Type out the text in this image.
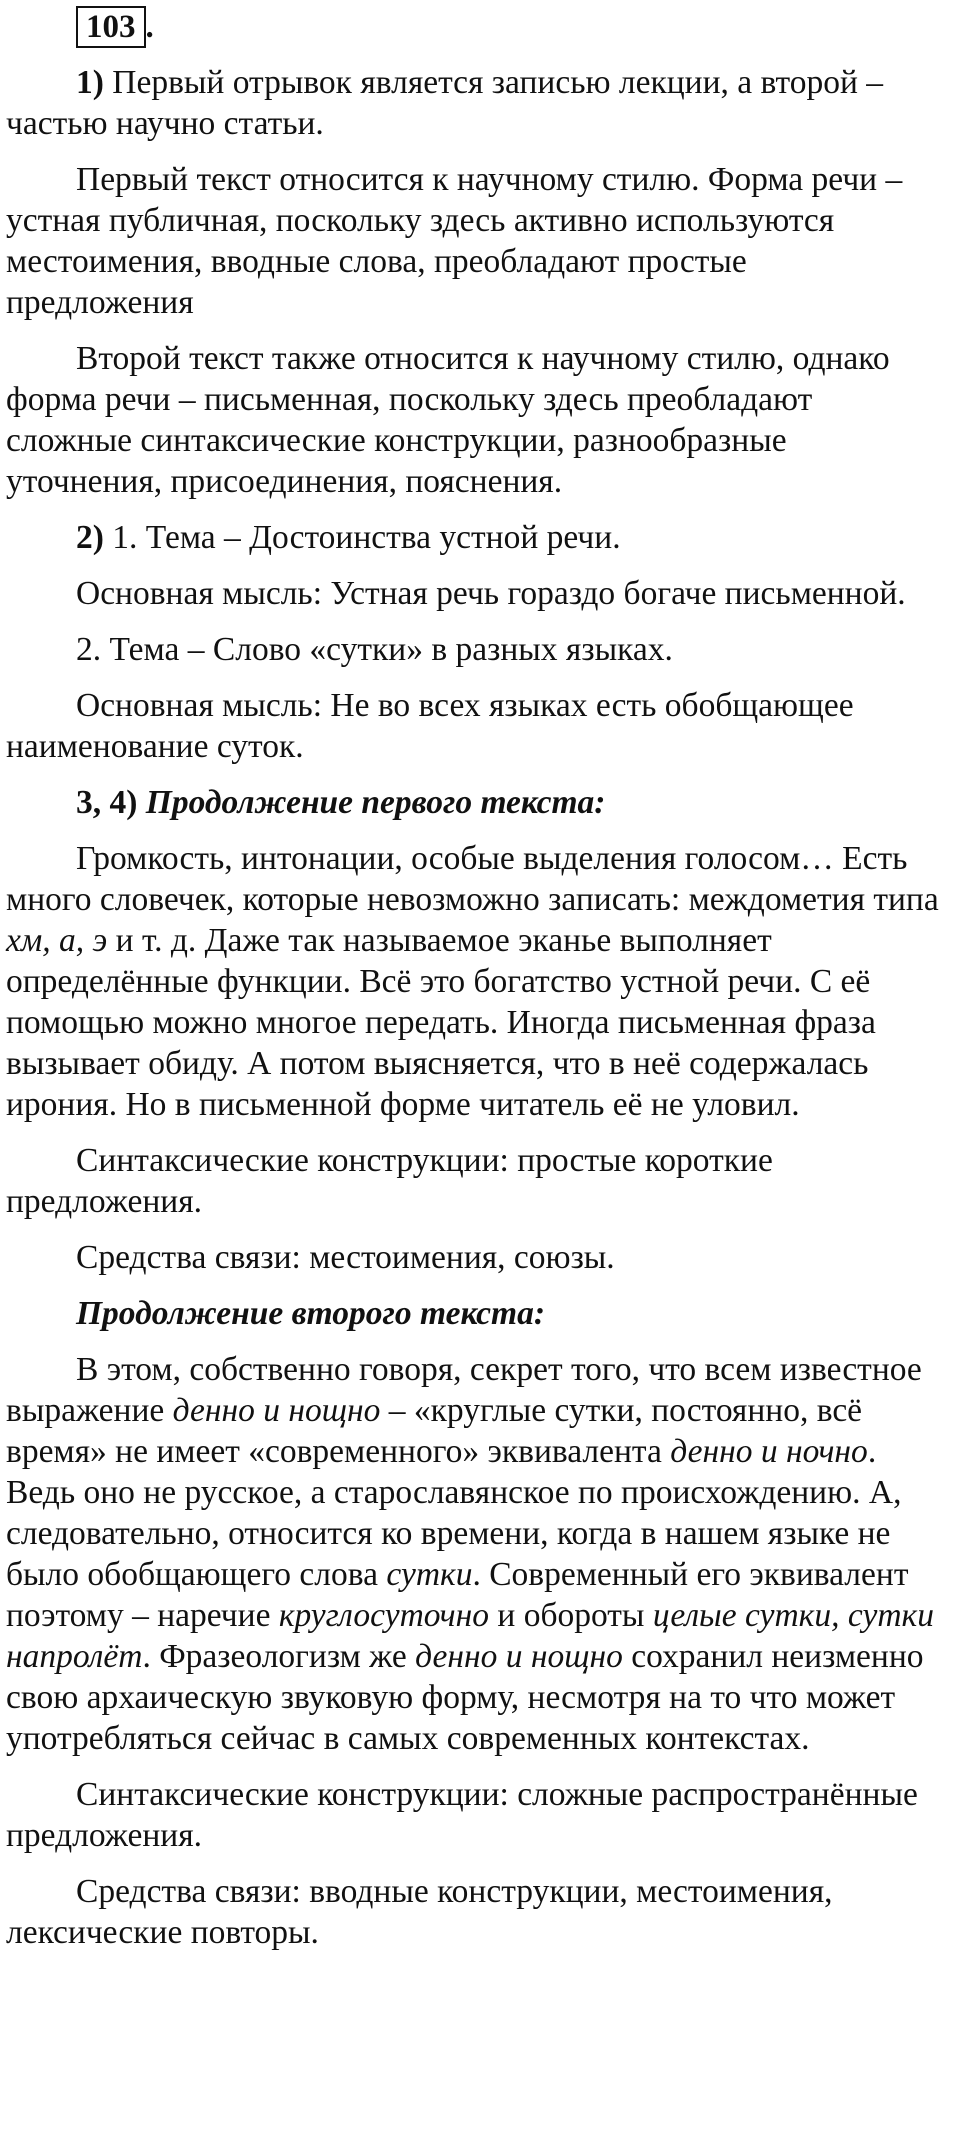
103 .

1) Первый отрывок является записью лекции, а второй – частью научно статьи.

Первый текст относится к научному стилю. Форма речи – устная публичная, поскольку здесь активно используются местоимения, вводные слова, преобладают простые предложения

Второй текст также относится к научному стилю, однако форма речи – письменная, поскольку здесь преобладают сложные синтаксические конструкции, разнообразные уточнения, присоединения, пояснения.

2) 1. Тема – Достоинства устной речи.

Основная мысль: Устная речь гораздо богаче письменной.

2. Тема – Слово «сутки» в разных языках.

Основная мысль: Не во всех языках есть обобщающее наименование суток.

3, 4) Продолжение первого текста:

Громкость, интонации, особые выделения голосом… Есть много словечек, которые невозможно записать: междометия типа хм, а, э и т. д. Даже так называемое эканье выполняет определённые функции. Всё это богатство устной речи. С её помощью можно многое передать. Иногда письменная фраза вызывает обиду. А потом выясняется, что в неё содержалась ирония. Но в письменной форме читатель её не уловил.

Синтаксические конструкции: простые короткие предложения.

Средства связи: местоимения, союзы.

Продолжение второго текста:

В этом, собственно говоря, секрет того, что всем известное выражение денно и нощно – «круглые сутки, постоянно, всё время» не имеет «современного» эквивалента денно и ночно. Ведь оно не русское, а старославянское по происхождению. А, следовательно, относится ко времени, когда в нашем языке не было обобщающего слова сутки. Современный его эквивалент поэтому – наречие круглосуточно и обороты целые сутки, сутки напролёт. Фразеологизм же денно и нощно сохранил неизменно свою архаическую звуковую форму, несмотря на то что может употребляться сейчас в самых современных контекстах.

Синтаксические конструкции: сложные распространённые предложения.

Средства связи: вводные конструкции, местоимения, лексические повторы.
